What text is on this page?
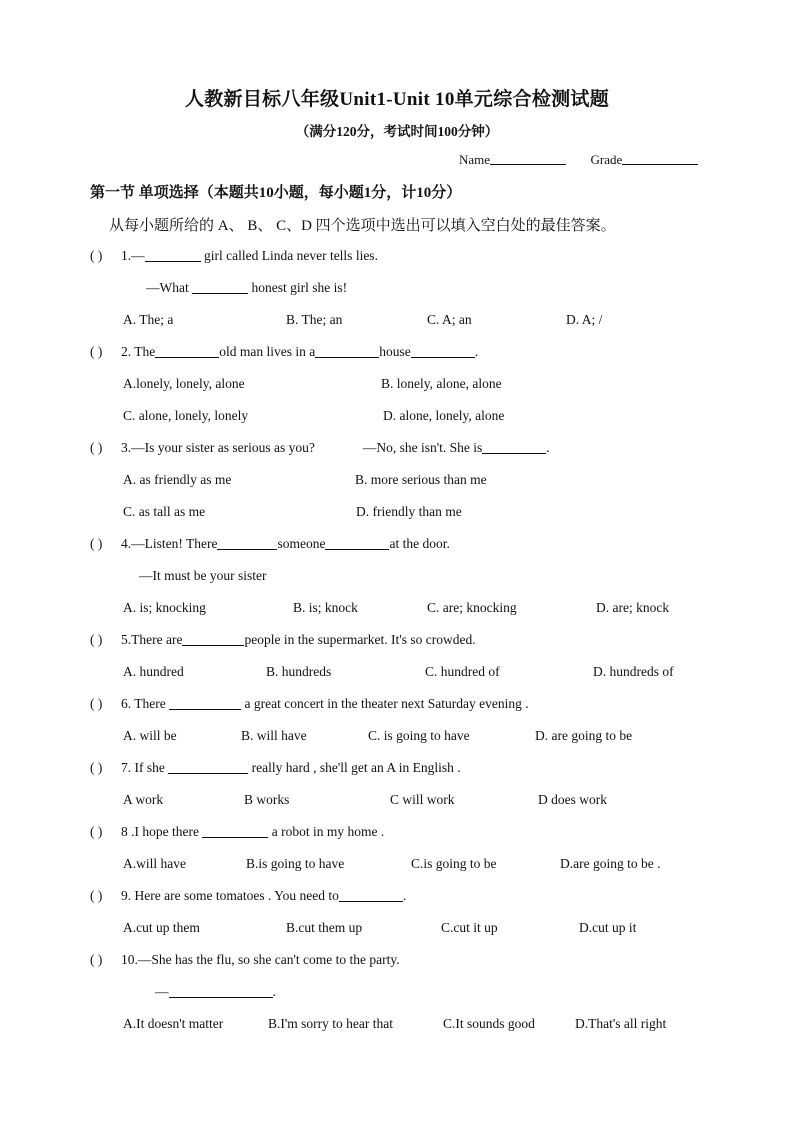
人教新目标八年级Unit1-Unit 10单元综合检测试题
（满分120分，考试时间100分钟）
Name	Grade
第一节 单项选择（本题共10小题，每小题1分，计10分）
从每小题所给的 A、 B、 C、D 四个选项中选出可以填入空白处的最佳答案。
( ) 1.—	girl called Linda never tells lies.
—What	honest girl she is!
A. The; a	B. The; an	C. A; an	D. A; /
( ) 2. The	old man lives in a	house	.
A.lonely, lonely, alone	B. lonely, alone, alone
C. alone, lonely, lonely	D. alone, lonely, alone
( ) 3.—Is your sister as serious as you?	—No, she isn't. She is	.
A. as friendly as me	B. more serious than me
C. as tall as me	D. friendly than me
( ) 4.—Listen! There	someone	at the door.
—It must be your sister
A. is; knocking	B. is; knock	C. are; knocking	D. are; knock
( ) 5.There are	people in the supermarket. It's so crowded.
A. hundred	B. hundreds	C. hundred of	D. hundreds of
( ) 6. There	a great concert in the theater next Saturday evening .
A. will be	B. will have	C. is going to have	D. are going to be
( ) 7. If she	really hard , she'll get an A in English .
A work	B works	C will work	D does work
( ) 8 .I hope there	a robot in my home .
A.will have	B.is going to have	C.is going to be	D.are going to be .
( ) 9. Here are some tomatoes . You need to	.
A.cut up them	B.cut them up	C.cut it up	D.cut up it
( ) 10.—She has the flu, so she can't come to the party.
—	.
A.It doesn't matter	B.I'm sorry to hear that	C.It sounds good	D.That's all right
